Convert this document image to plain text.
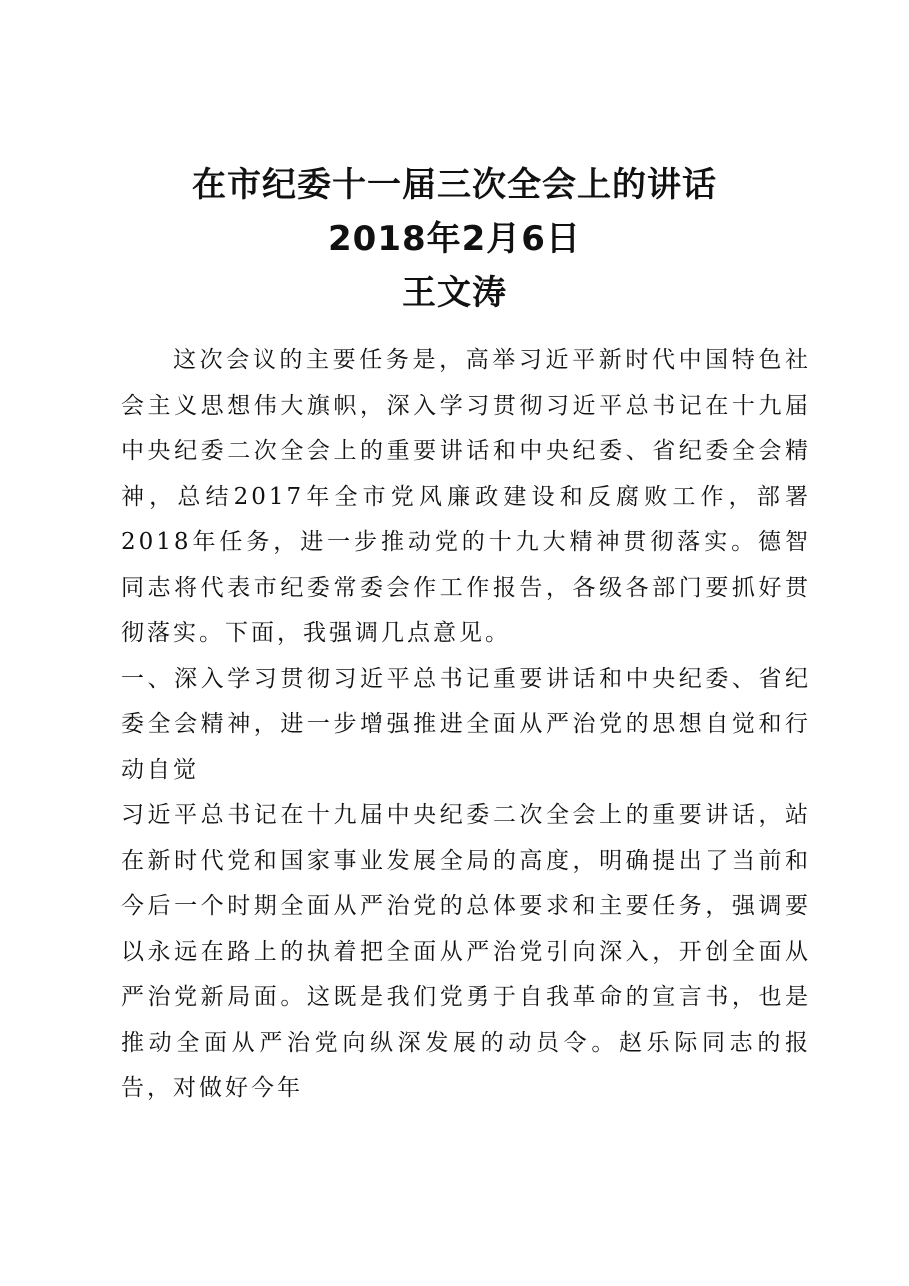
在市纪委十一届三次全会上的讲话
2018年2月6日
王文涛

这次会议的主要任务是，高举习近平新时代中国特色社会主义思想伟大旗帜，深入学习贯彻习近平总书记在十九届中央纪委二次全会上的重要讲话和中央纪委、省纪委全会精神，总结2017年全市党风廉政建设和反腐败工作，部署2018年任务，进一步推动党的十九大精神贯彻落实。德智同志将代表市纪委常委会作工作报告，各级各部门要抓好贯彻落实。下面，我强调几点意见。

一、深入学习贯彻习近平总书记重要讲话和中央纪委、省纪委全会精神，进一步增强推进全面从严治党的思想自觉和行动自觉

习近平总书记在十九届中央纪委二次全会上的重要讲话，站在新时代党和国家事业发展全局的高度，明确提出了当前和今后一个时期全面从严治党的总体要求和主要任务，强调要以永远在路上的执着把全面从严治党引向深入，开创全面从严治党新局面。这既是我们党勇于自我革命的宣言书，也是推动全面从严治党向纵深发展的动员令。赵乐际同志的报告，对做好今年
